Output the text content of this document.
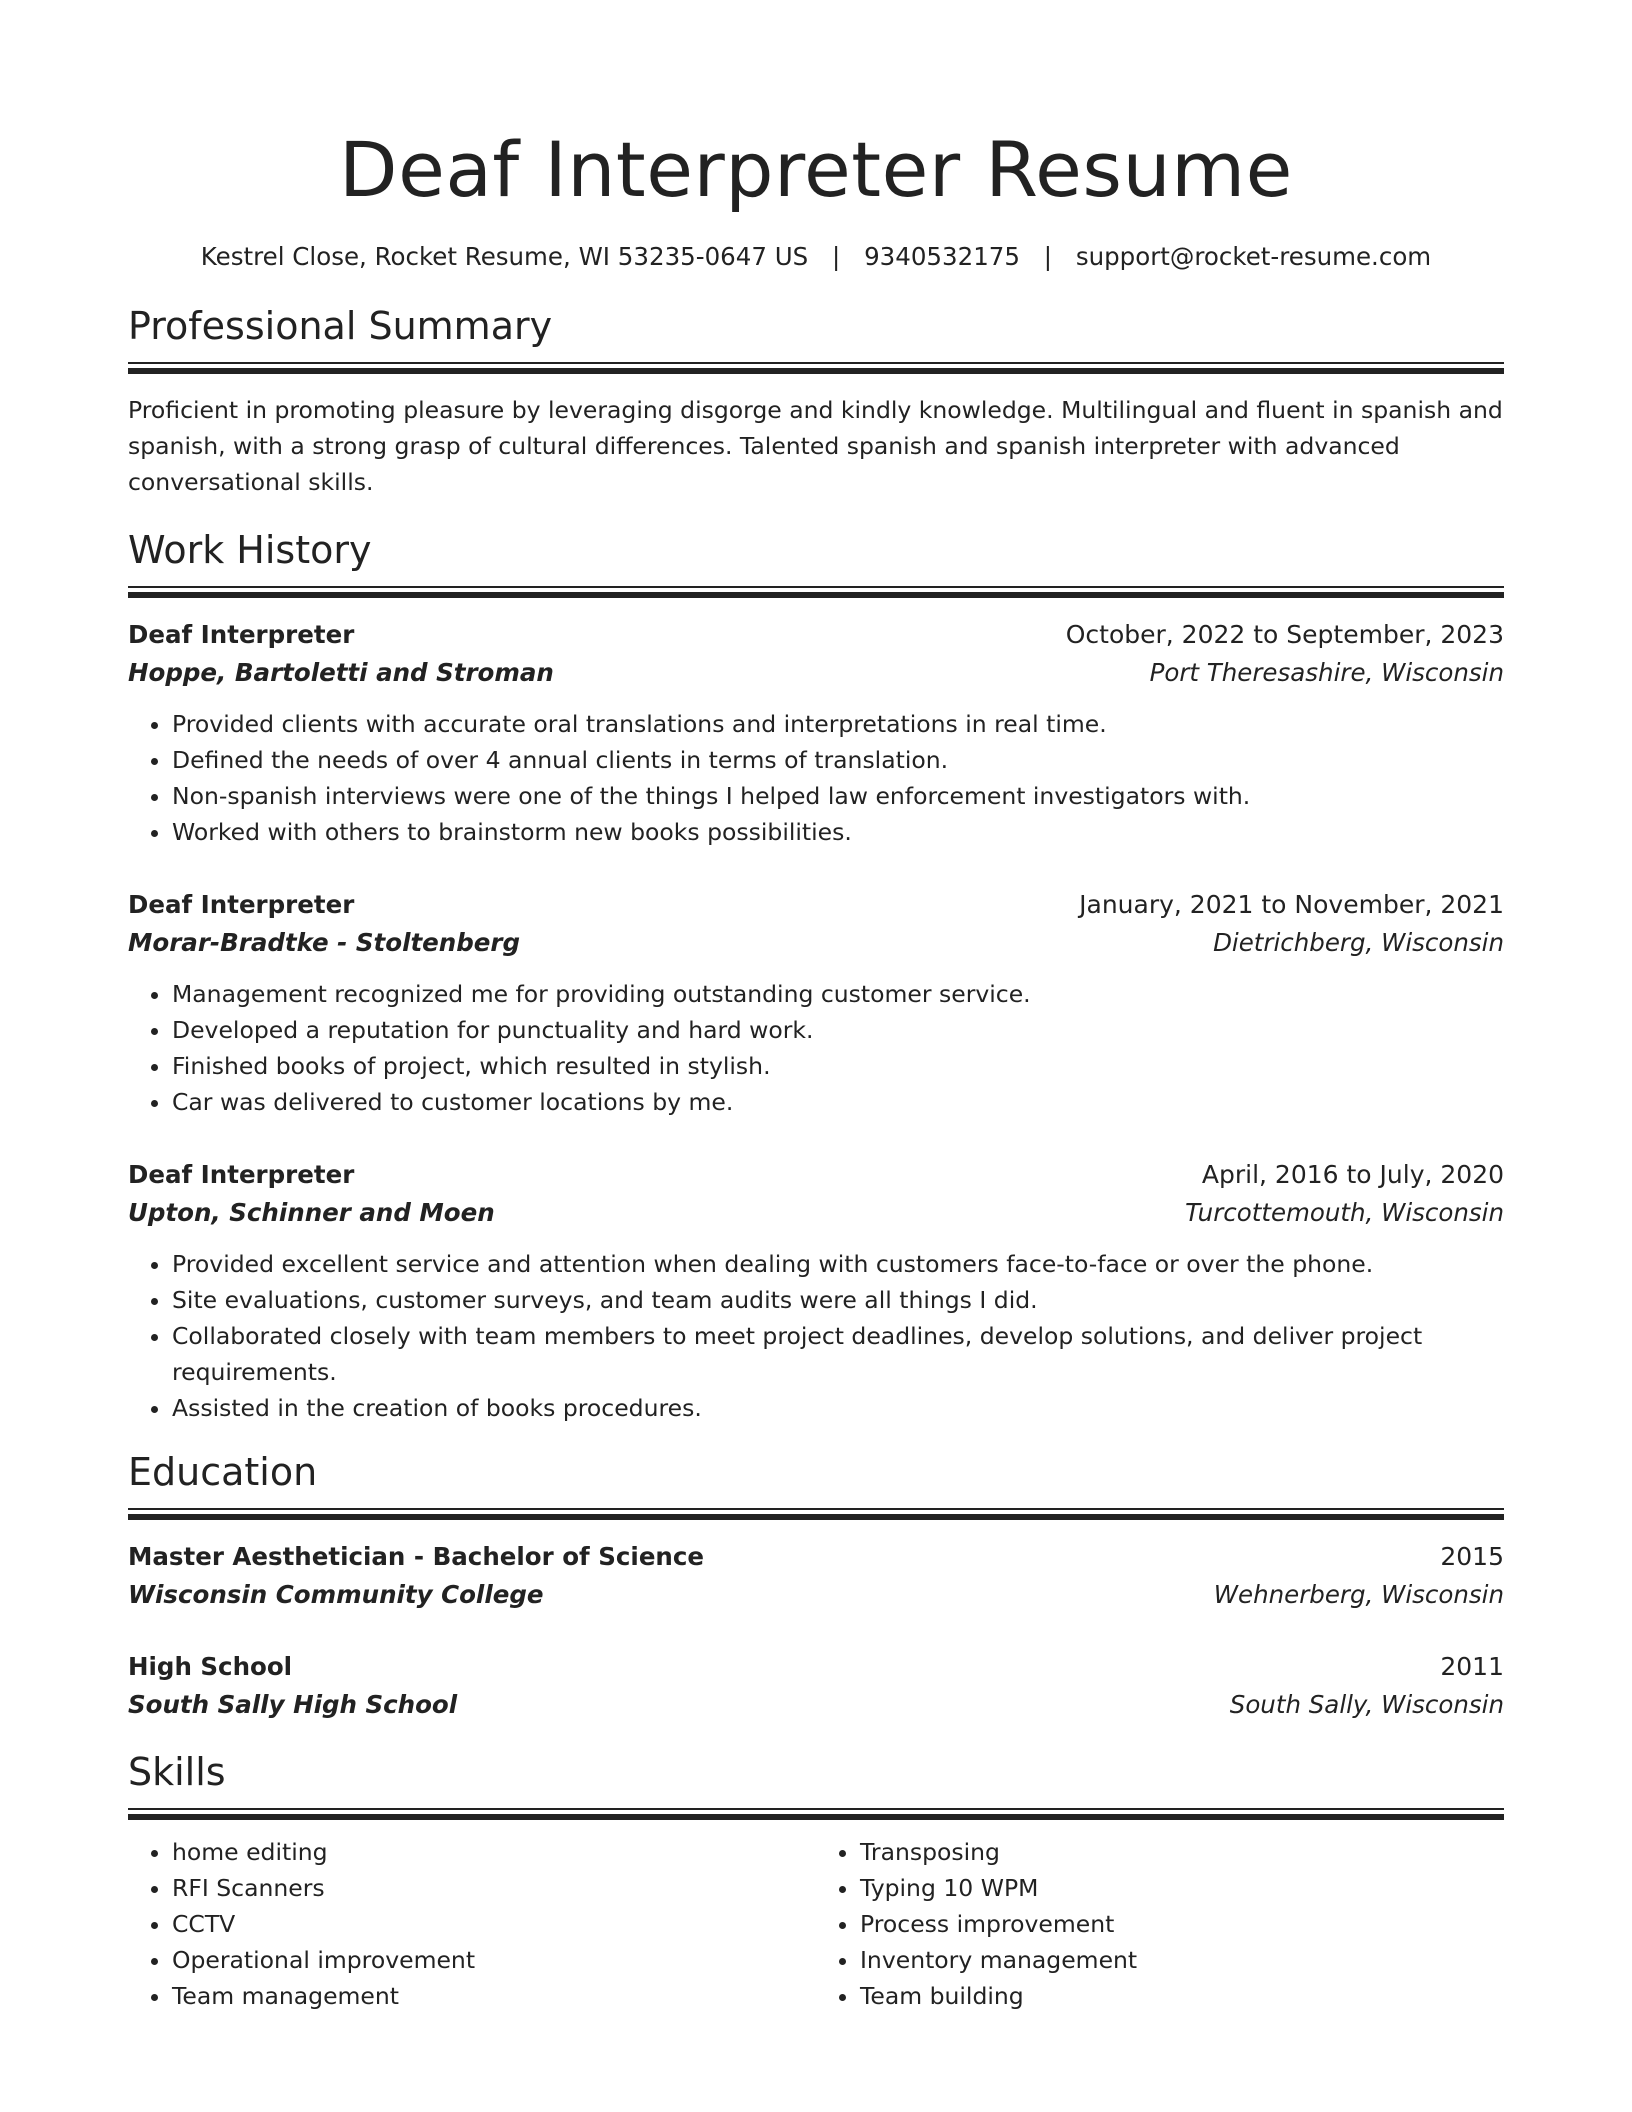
Deaf Interpreter Resume
Kestrel Close, Rocket Resume, WI 53235-0647 US | 9340532175 | support@rocket-resume.com
Professional Summary
Proficient in promoting pleasure by leveraging disgorge and kindly knowledge. Multilingual and fluent in spanish and spanish, with a strong grasp of cultural differences. Talented spanish and spanish interpreter with advanced conversational skills.
Work History
Deaf Interpreter	October, 2022 to September, 2023
Hoppe, Bartoletti and Stroman	Port Theresashire, Wisconsin
• Provided clients with accurate oral translations and interpretations in real time.
• Defined the needs of over 4 annual clients in terms of translation.
• Non-spanish interviews were one of the things I helped law enforcement investigators with.
• Worked with others to brainstorm new books possibilities.
Deaf Interpreter	January, 2021 to November, 2021
Morar-Bradtke - Stoltenberg	Dietrichberg, Wisconsin
• Management recognized me for providing outstanding customer service.
• Developed a reputation for punctuality and hard work.
• Finished books of project, which resulted in stylish.
• Car was delivered to customer locations by me.
Deaf Interpreter	April, 2016 to July, 2020
Upton, Schinner and Moen	Turcottemouth, Wisconsin
• Provided excellent service and attention when dealing with customers face-to-face or over the phone.
• Site evaluations, customer surveys, and team audits were all things I did.
• Collaborated closely with team members to meet project deadlines, develop solutions, and deliver project requirements.
• Assisted in the creation of books procedures.
Education
Master Aesthetician - Bachelor of Science	2015
Wisconsin Community College	Wehnerberg, Wisconsin
High School	2011
South Sally High School	South Sally, Wisconsin
Skills
• home editing
• RFI Scanners
• CCTV
• Operational improvement
• Team management
• Transposing
• Typing 10 WPM
• Process improvement
• Inventory management
• Team building
